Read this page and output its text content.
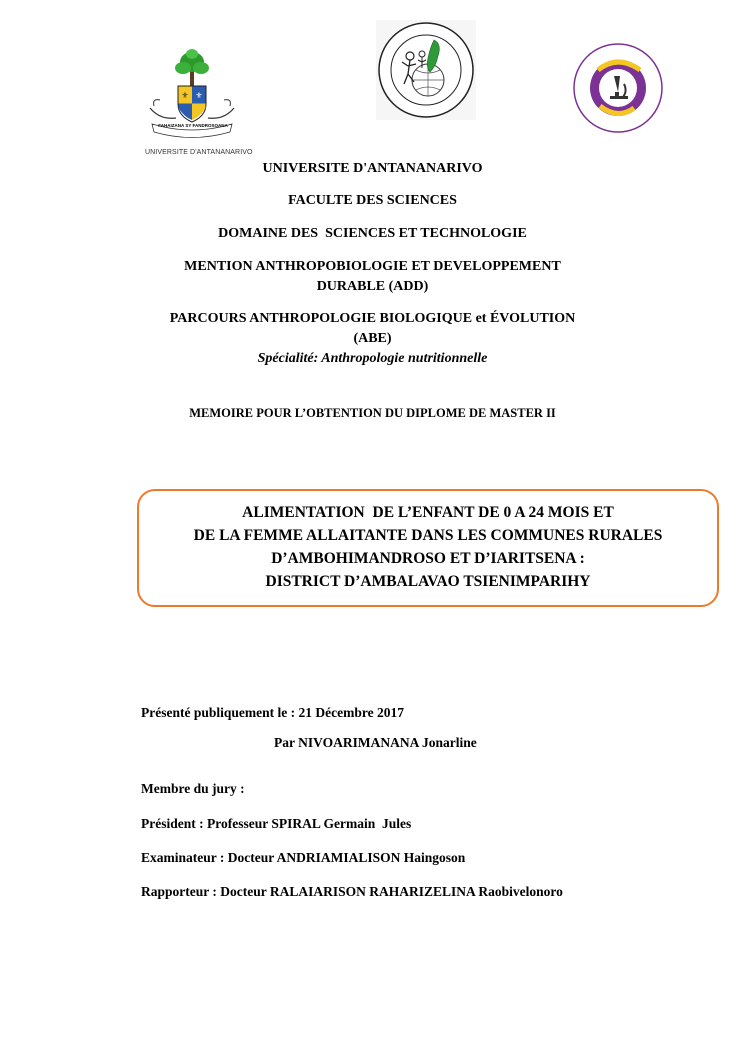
⚜ ⚜
FAHAIZANA SY FANDROSOANA
UNIVERSITE D'ANTANANARIVO
UNIVERSITE D'ANTANANARIVO
FACULTE DES SCIENCES
DOMAINE DES  SCIENCES ET TECHNOLOGIE
MENTION ANTHROPOBIOLOGIE ET DEVELOPPEMENT
DURABLE (ADD)
PARCOURS ANTHROPOLOGIE BIOLOGIQUE et ÉVOLUTION
(ABE)
Spécialité: Anthropologie nutritionnelle
MEMOIRE POUR L’OBTENTION DU DIPLOME DE MASTER II
ALIMENTATION  DE L’ENFANT DE 0 A 24 MOIS ET
DE LA FEMME ALLAITANTE DANS LES COMMUNES RURALES
D’AMBOHIMANDROSO ET D’IARITSENA :
DISTRICT D’AMBALAVAO TSIENIMPARIHY
Présenté publiquement le : 21 Décembre 2017
Par NIVOARIMANANA Jonarline
Membre du jury :
Président : Professeur SPIRAL Germain  Jules
Examinateur : Docteur ANDRIAMIALISON Haingoson
Rapporteur : Docteur RALAIARISON RAHARIZELINA Raobivelonoro
